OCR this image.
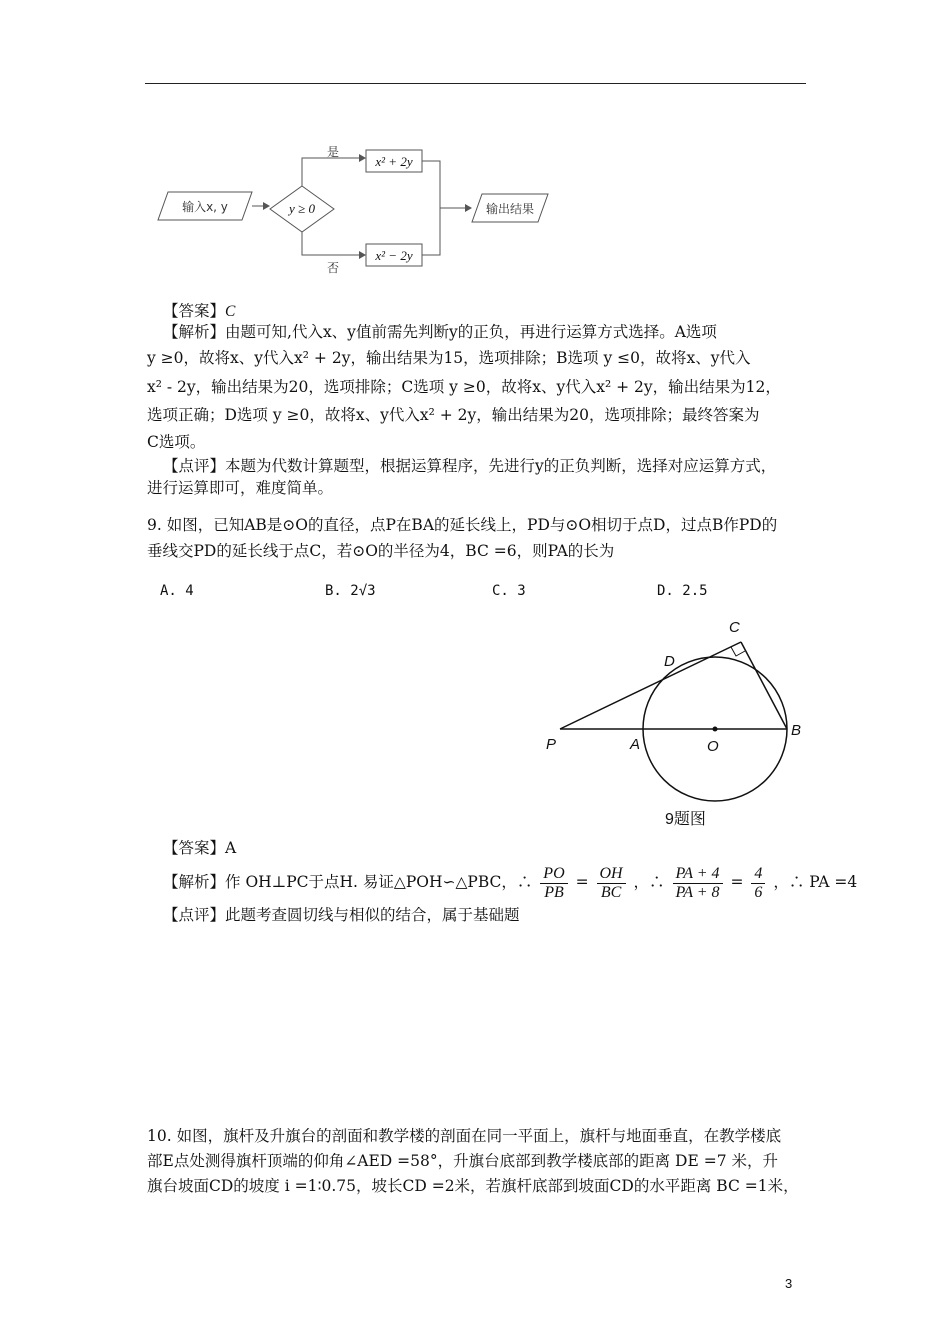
输入x, y	y ≥ 0
是
否
x² + 2y
x² − 2y
输出结果
【答案】C
【解析】由题可知,代入x、y值前需先判断y的正负，再进行运算方式选择。A选项
y ≥0，故将x、y代入x² + 2y，输出结果为15，选项排除；B选项 y ≤0，故将x、y代入
x² - 2y，输出结果为20，选项排除；C选项 y ≥0，故将x、y代入x² + 2y，输出结果为12，
选项正确；D选项 y ≥0，故将x、y代入x² + 2y，输出结果为20，选项排除；最终答案为
C选项。
【点评】本题为代数计算题型，根据运算程序，先进行y的正负判断，选择对应运算方式，
进行运算即可，难度简单。
9. 如图，已知AB是⊙O的直径，点P在BA的延长线上，PD与⊙O相切于点D，过点B作PD的
垂线交PD的延长线于点C，若⊙O的半径为4，BC =6，则PA的长为
A. 4	B. 2√3	C. 3	D. 2.5
P	A	O
B
C
D
9题图
【答案】A
【解析】作 OH⊥PC于点H. 易证△POH∽△PBC，∴ $\frac{PO}{PB} = \frac{OH}{BC}$ ，∴ $\frac{PA + 4}{PA + 8} = \frac{4}{6}$ ，∴ PA =4
【点评】此题考查圆切线与相似的结合，属于基础题
10. 如图，旗杆及升旗台的剖面和教学楼的剖面在同一平面上，旗杆与地面垂直，在教学楼底
部E点处测得旗杆顶端的仰角∠AED =58°，升旗台底部到教学楼底部的距离 DE =7 米，升
旗台坡面CD的坡度 i =1∶0.75，坡长CD =2米，若旗杆底部到坡面CD的水平距离 BC =1米，
3
